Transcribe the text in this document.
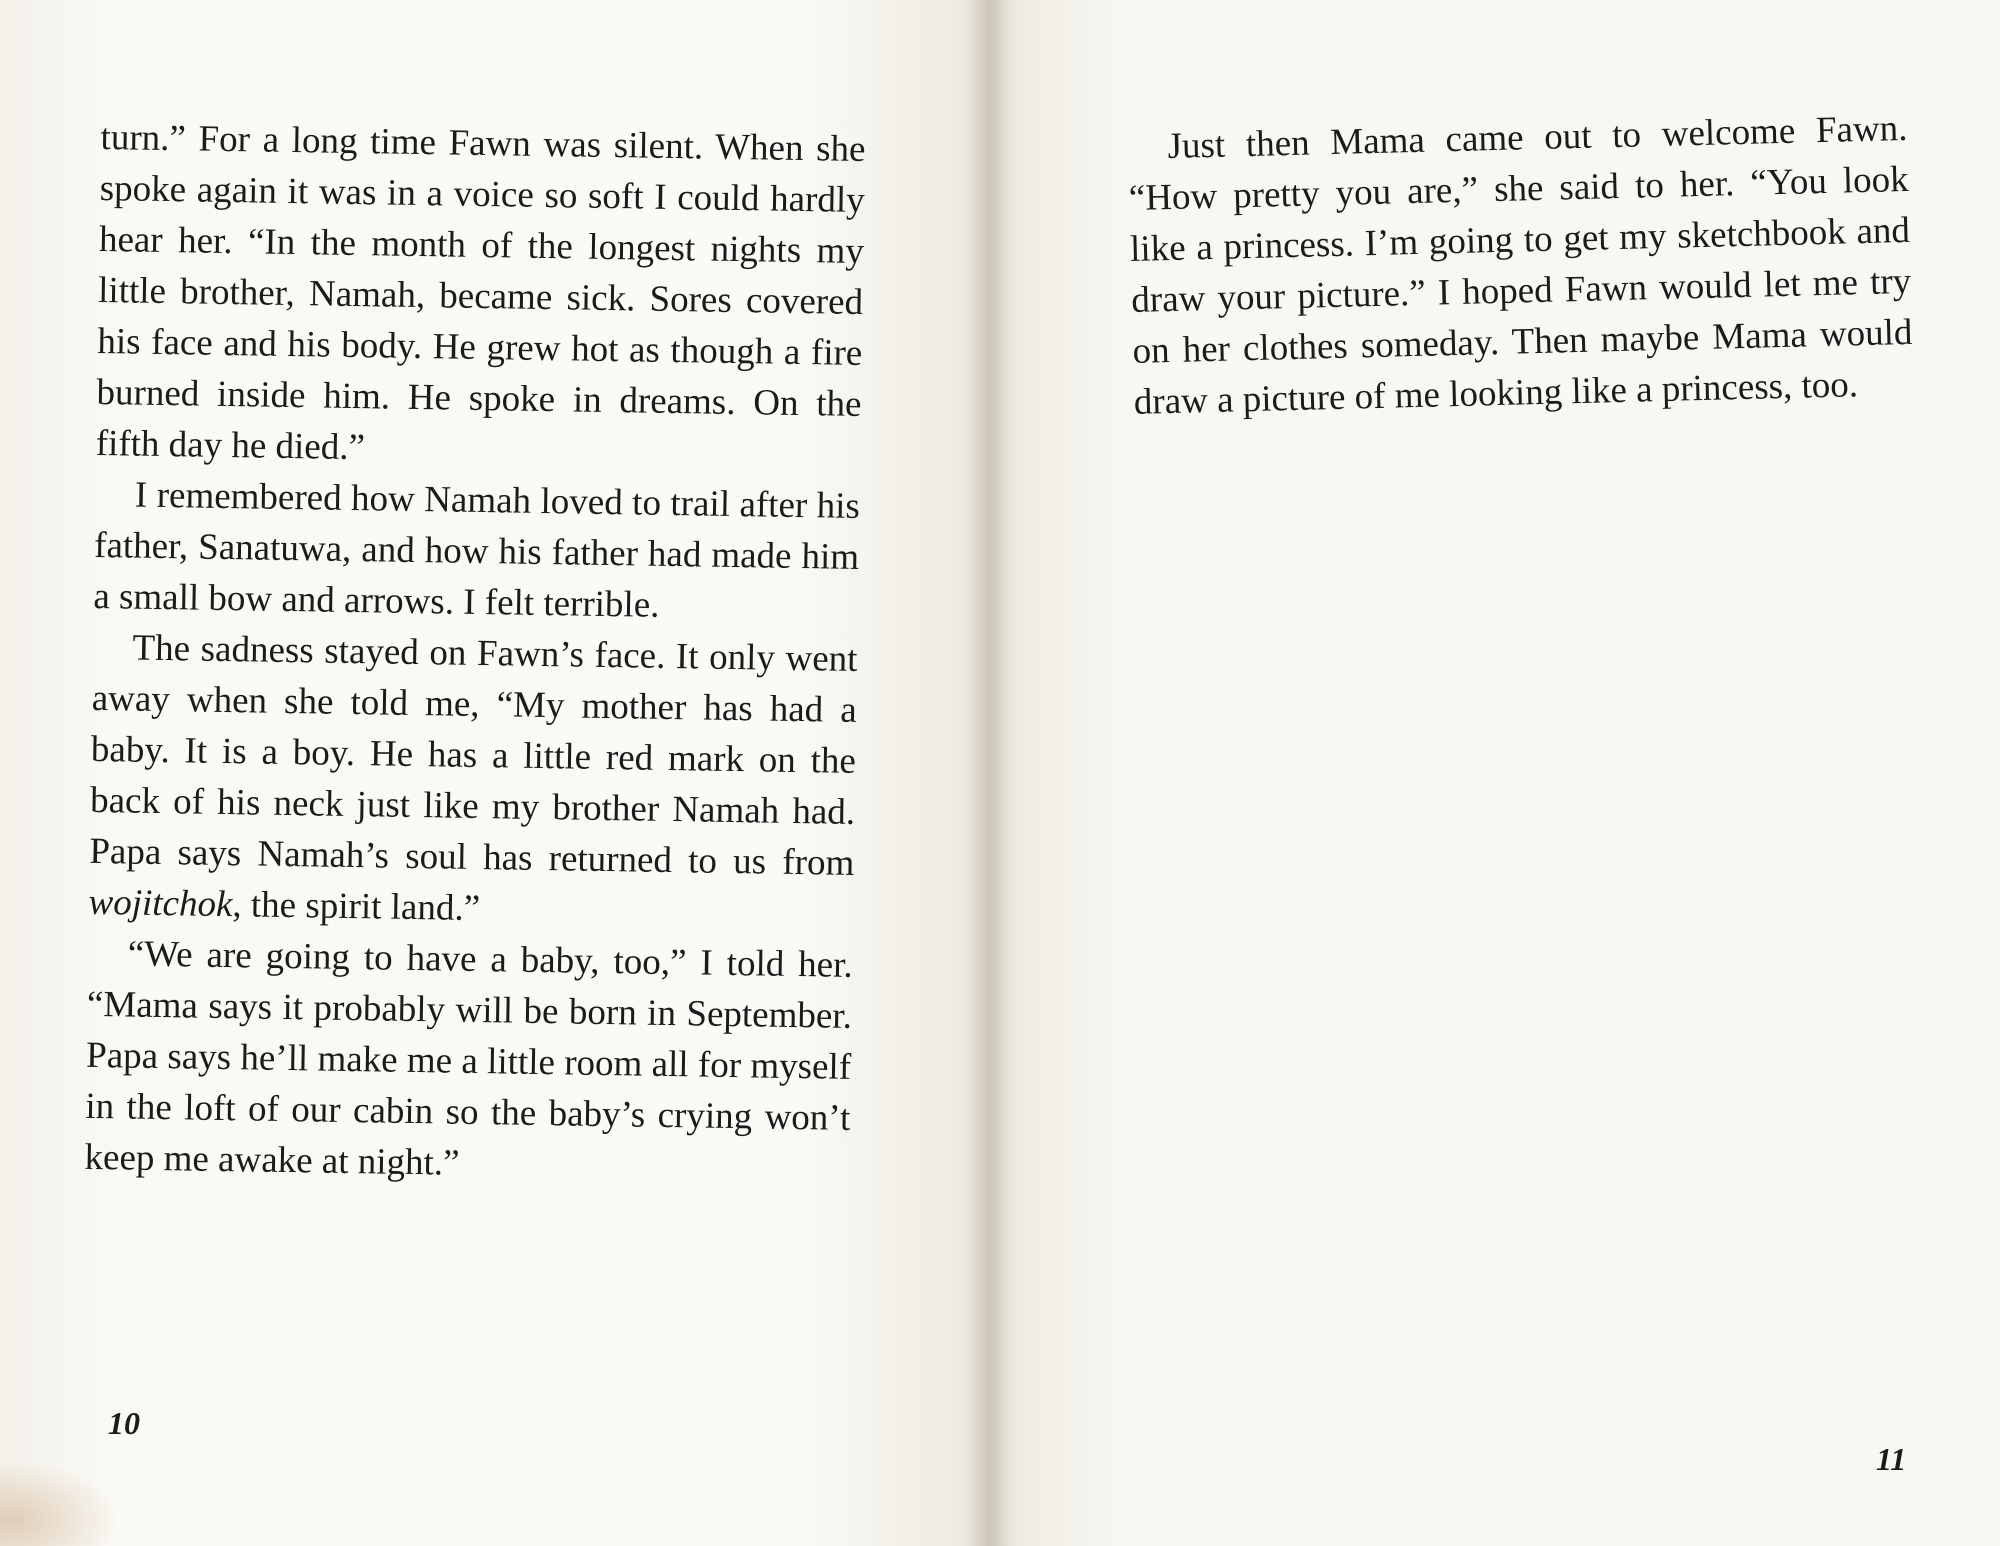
turn.” For a long time Fawn was silent. When she spoke again it was in a voice so soft I could hardly hear her. “In the month of the longest nights my little brother, Namah, became sick. Sores covered his face and his body. He grew hot as though a fire burned inside him. He spoke in dreams. On the fifth day he died.”

I remembered how Namah loved to trail after his father, Sanatuwa, and how his father had made him a small bow and arrows. I felt terrible.

The sadness stayed on Fawn’s face. It only went away when she told me, “My mother has had a baby. It is a boy. He has a little red mark on the back of his neck just like my brother Namah had. Papa says Namah’s soul has returned to us from wojitchok, the spirit land.”

“We are going to have a baby, too,” I told her. “Mama says it probably will be born in September. Papa says he’ll make me a little room all for myself in the loft of our cabin so the baby’s crying won’t keep me awake at night.”

10

Just then Mama came out to welcome Fawn. “How pretty you are,” she said to her. “You look like a princess. I’m going to get my sketchbook and draw your picture.” I hoped Fawn would let me try on her clothes someday. Then maybe Mama would draw a picture of me looking like a princess, too.

11
